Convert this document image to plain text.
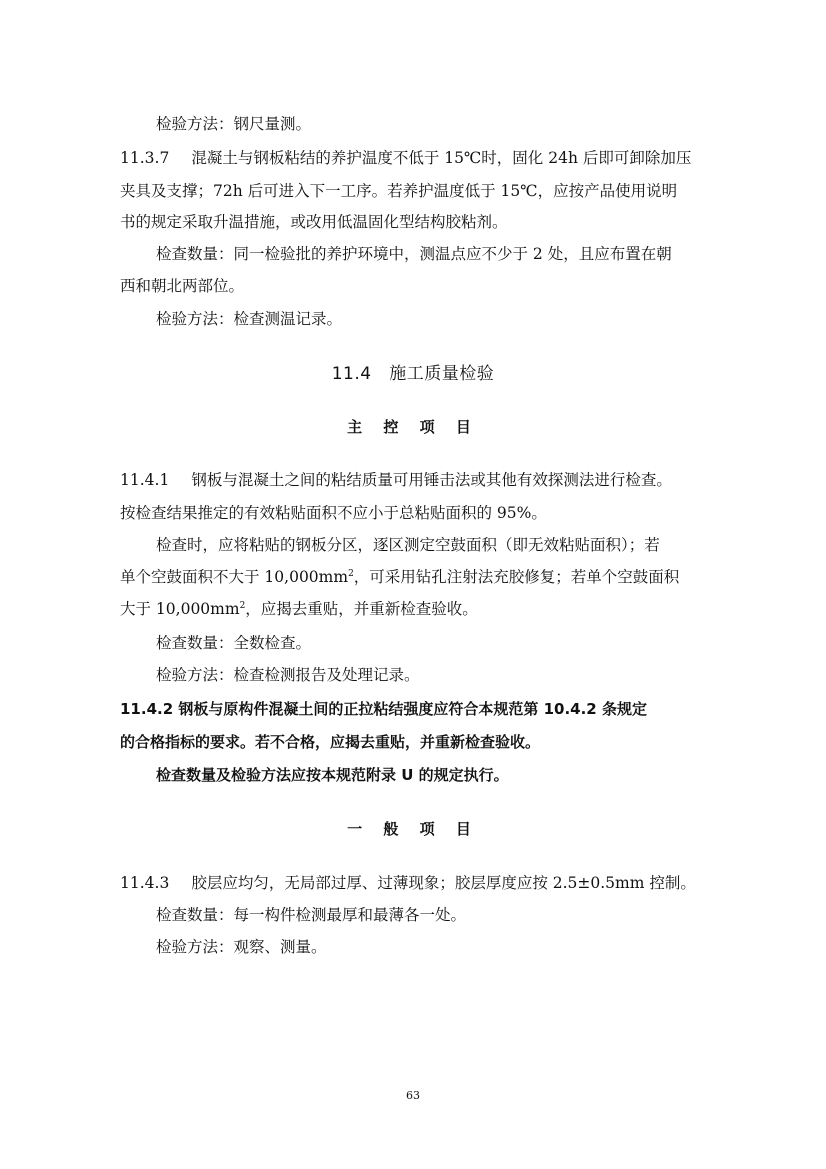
检验方法：钢尺量测。
11.3.7 混凝土与钢板粘结的养护温度不低于 15℃时，固化 24h 后即可卸除加压
夹具及支撑；72h 后可进入下一工序。若养护温度低于 15℃，应按产品使用说明
书的规定采取升温措施，或改用低温固化型结构胶粘剂。
检查数量：同一检验批的养护环境中，测温点应不少于 2 处，且应布置在朝
西和朝北两部位。
检验方法：检查测温记录。
11.4 施工质量检验
主 控 项 目
11.4.1 钢板与混凝土之间的粘结质量可用锤击法或其他有效探测法进行检查。
按检查结果推定的有效粘贴面积不应小于总粘贴面积的 95%。
检查时，应将粘贴的钢板分区，逐区测定空鼓面积（即无效粘贴面积）；若
单个空鼓面积不大于 $10,000mm^2$，可采用钻孔注射法充胶修复；若单个空鼓面积
大于 $10,000mm^2$，应揭去重贴，并重新检查验收。
检查数量：全数检查。
检验方法：检查检测报告及处理记录。
11.4.2 钢板与原构件混凝土间的正拉粘结强度应符合本规范第 10.4.2 条规定
的合格指标的要求。若不合格，应揭去重贴，并重新检查验收。
检查数量及检验方法应按本规范附录 U 的规定执行。
一 般 项 目
11.4.3 胶层应均匀，无局部过厚、过薄现象；胶层厚度应按 2.5±0.5mm 控制。
检查数量：每一构件检测最厚和最薄各一处。
检验方法：观察、测量。
63
